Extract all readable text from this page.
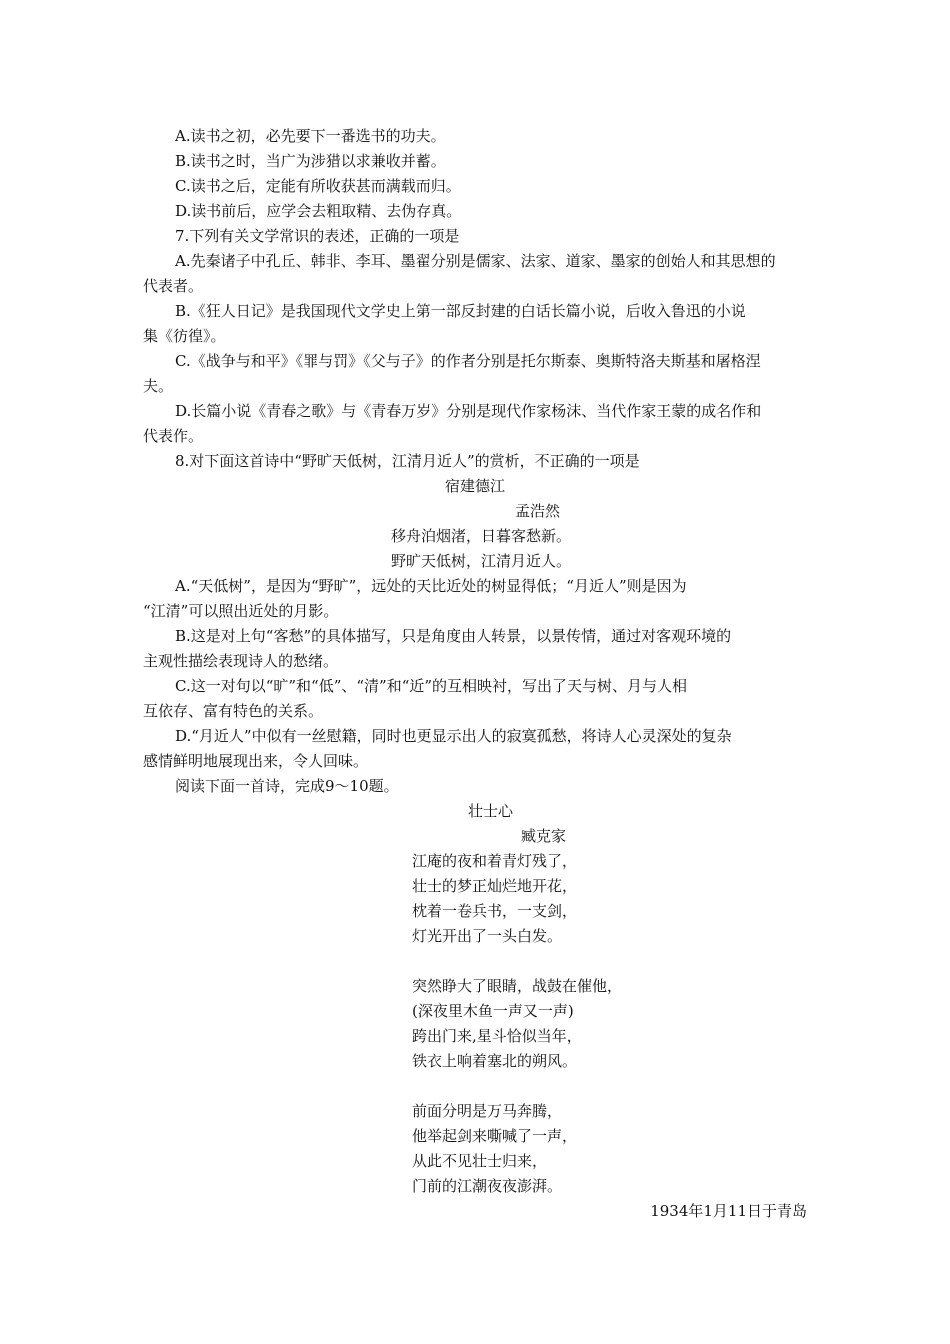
A.读书之初，必先要下一番选书的功夫。
B.读书之时，当广为涉猎以求兼收并蓄。
C.读书之后，定能有所收获甚而满载而归。
D.读书前后，应学会去粗取精、去伪存真。
7.下列有关文学常识的表述，正确的一项是
A.先秦诸子中孔丘、韩非、李耳、墨翟分别是儒家、法家、道家、墨家的创始人和其思想的
代表者。
B.《狂人日记》是我国现代文学史上第一部反封建的白话长篇小说，后收入鲁迅的小说
集《彷徨》。
C.《战争与和平》《罪与罚》《父与子》的作者分别是托尔斯泰、奥斯特洛夫斯基和屠格涅
夫。
D.长篇小说《青春之歌》与《青春万岁》分别是现代作家杨沫、当代作家王蒙的成名作和
代表作。
8.对下面这首诗中“野旷天低树，江清月近人”的赏析，不正确的一项是
宿建德江
孟浩然
移舟泊烟渚，日暮客愁新。
野旷天低树，江清月近人。
A.“天低树”，是因为“野旷”，远处的天比近处的树显得低；“月近人”则是因为
“江清”可以照出近处的月影。
B.这是对上句“客愁”的具体描写，只是角度由人转景，以景传情，通过对客观环境的
主观性描绘表现诗人的愁绪。
C.这一对句以“旷”和“低”、“清”和“近”的互相映衬，写出了天与树、月与人相
互依存、富有特色的关系。
D.“月近人”中似有一丝慰籍，同时也更显示出人的寂寞孤愁，将诗人心灵深处的复杂
感情鲜明地展现出来，令人回味。
阅读下面一首诗，完成9～10题。
壮士心
臧克家
江庵的夜和着青灯残了，
壮士的梦正灿烂地开花，
枕着一卷兵书，一支剑，
灯光开出了一头白发。
突然睁大了眼睛，战鼓在催他，
(深夜里木鱼一声又一声)
跨出门来,星斗恰似当年，
铁衣上响着塞北的朔风。
前面分明是万马奔腾，
他举起剑来嘶喊了一声，
从此不见壮士归来，
门前的江潮夜夜澎湃。
1934年1月11日于青岛
